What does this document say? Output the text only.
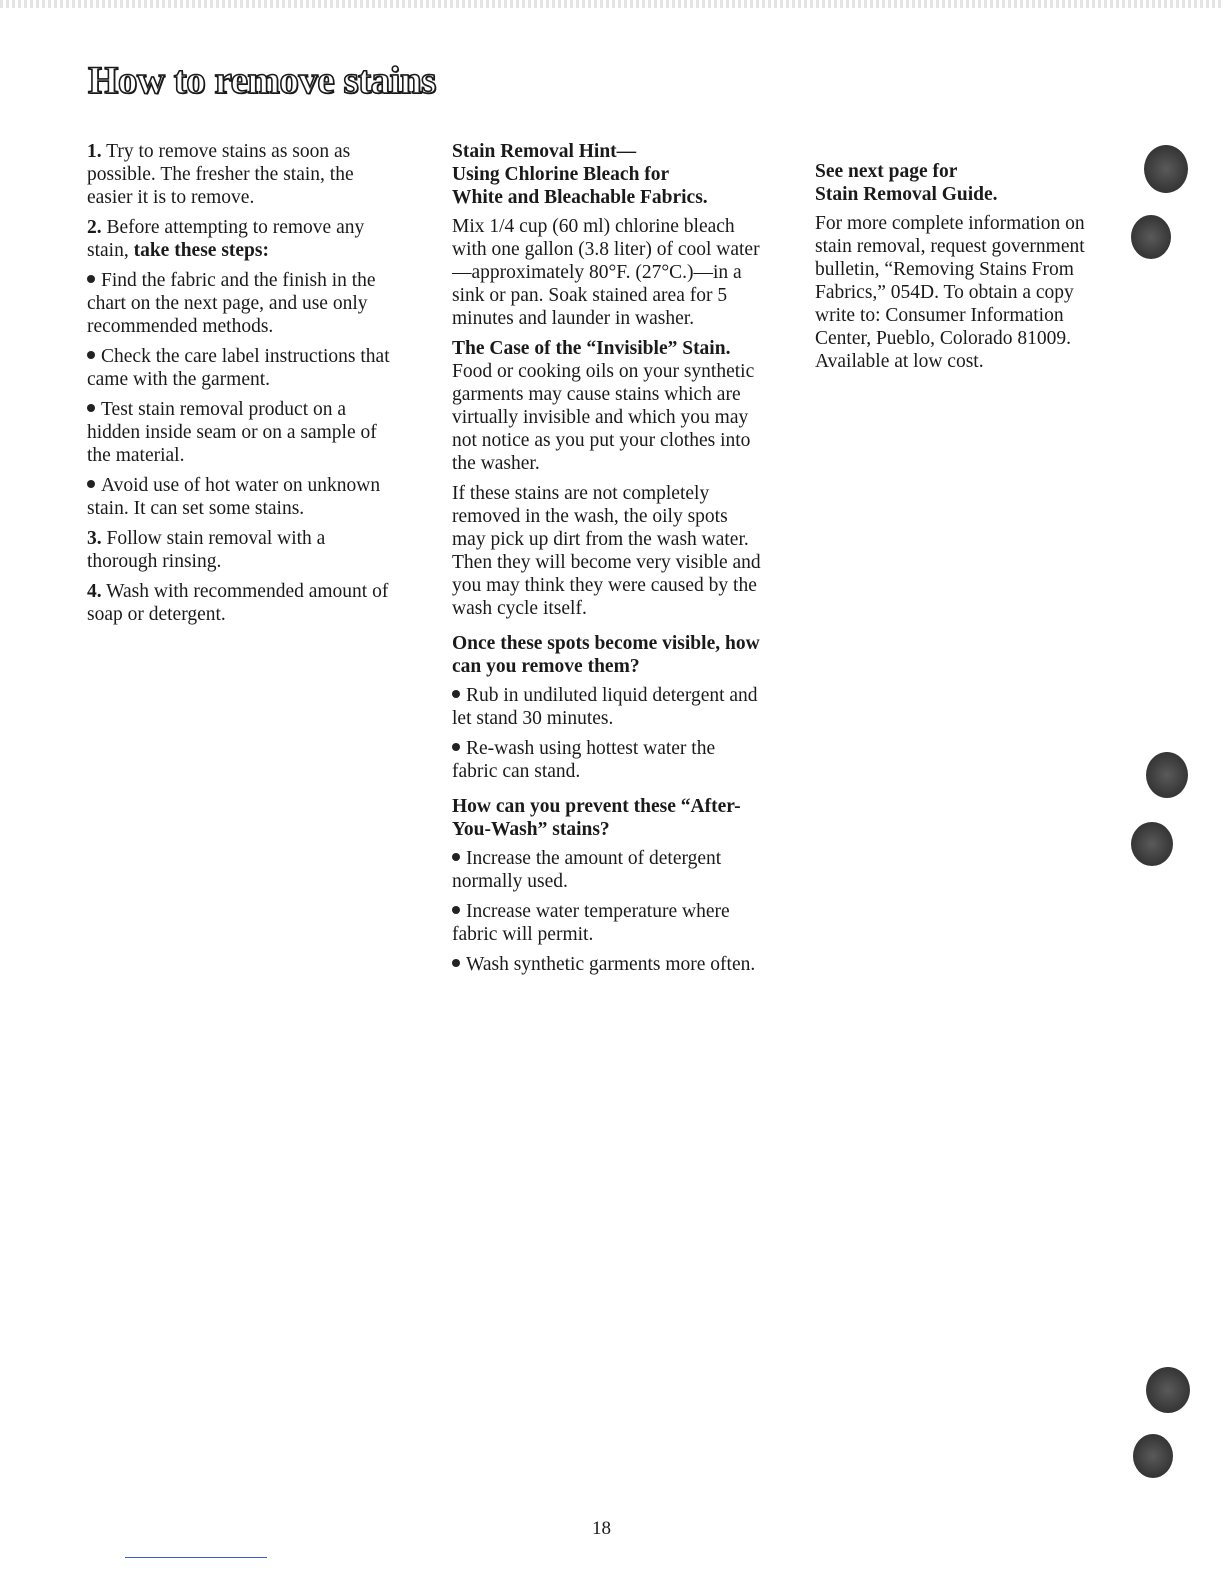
How to remove stains

1. Try to remove stains as soon as possible. The fresher the stain, the easier it is to remove.

2. Before attempting to remove any stain, take these steps:

Find the fabric and the finish in the chart on the next page, and use only recommended methods.

Check the care label instructions that came with the garment.

Test stain removal product on a hidden inside seam or on a sample of the material.

Avoid use of hot water on unknown stain. It can set some stains.

3. Follow stain removal with a thorough rinsing.

4. Wash with recommended amount of soap or detergent.

Stain Removal Hint—
Using Chlorine Bleach for
White and Bleachable Fabrics.

Mix 1/4 cup (60 ml) chlorine bleach with one gallon (3.8 liter) of cool water—approximately 80°F. (27°C.)—in a sink or pan. Soak stained area for 5 minutes and launder in washer.

The Case of the “Invisible” Stain.

Food or cooking oils on your synthetic garments may cause stains which are virtually invisible and which you may not notice as you put your clothes into the washer.

If these stains are not completely removed in the wash, the oily spots may pick up dirt from the wash water. Then they will become very visible and you may think they were caused by the wash cycle itself.

Once these spots become visible, how can you remove them?

Rub in undiluted liquid detergent and let stand 30 minutes.

Re-wash using hottest water the fabric can stand.

How can you prevent these “After-You-Wash” stains?

Increase the amount of detergent normally used.

Increase water temperature where fabric will permit.

Wash synthetic garments more often.

See next page for
Stain Removal Guide.

For more complete information on stain removal, request government bulletin, “Removing Stains From Fabrics,” 054D. To obtain a copy write to: Consumer Information Center, Pueblo, Colorado 81009. Available at low cost.

18
